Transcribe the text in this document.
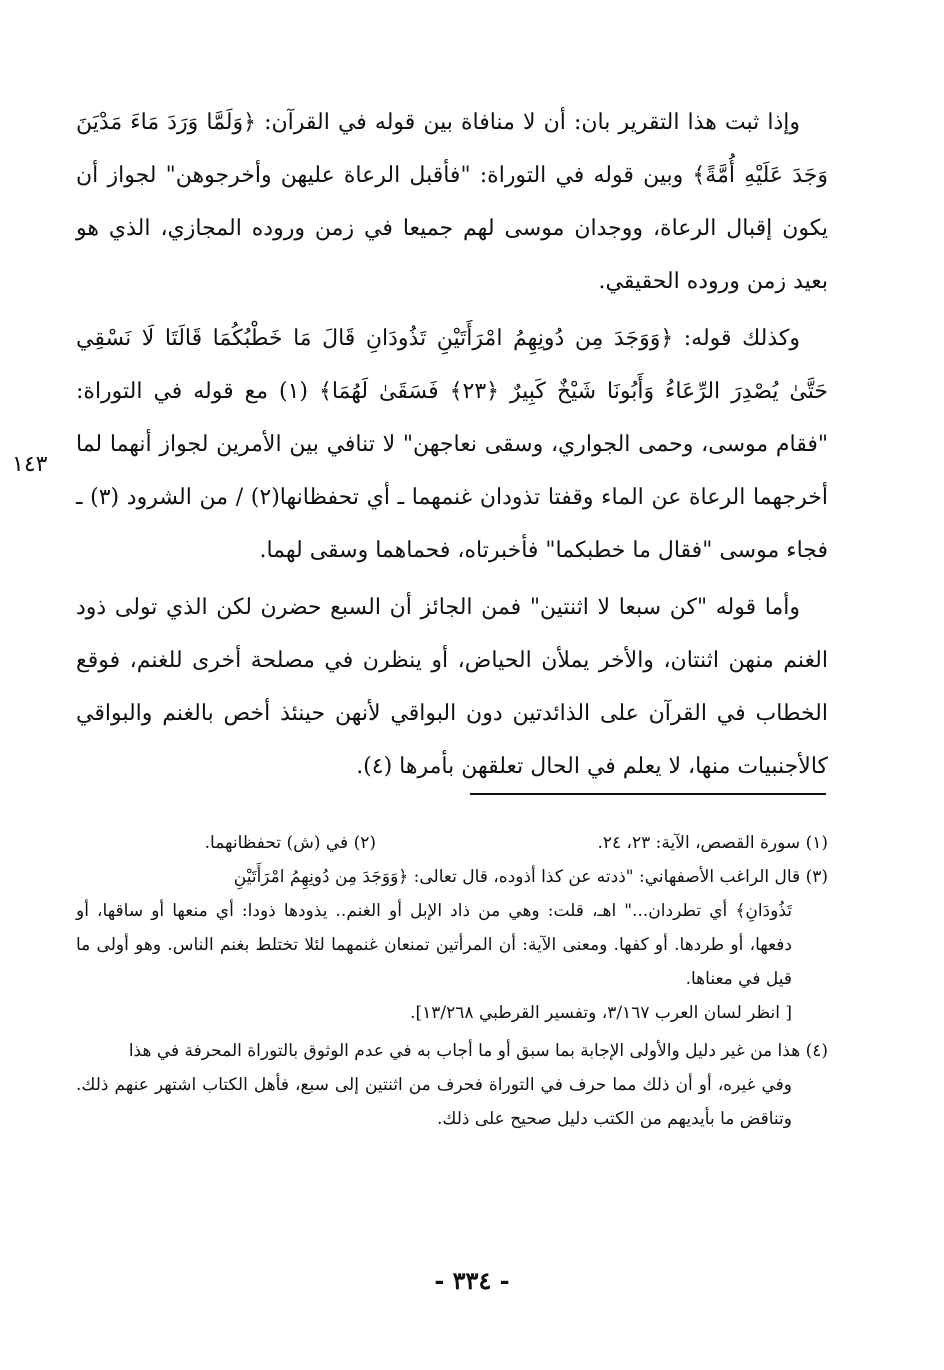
وإذا ثبت هذا التقرير بان: أن لا منافاة بين قوله في القرآن: ﴿وَلَمَّا وَرَدَ مَاءَ مَدْيَنَ وَجَدَ عَلَيْهِ أُمَّةً﴾ وبين قوله في التوراة: "فأقبل الرعاة عليهن وأخرجوهن" لجواز أن يكون إقبال الرعاة، ووجدان موسى لهم جميعا في زمن وروده المجازي، الذي هو بعيد زمن وروده الحقيقي.

وكذلك قوله: ﴿وَوَجَدَ مِن دُونِهِمُ امْرَأَتَيْنِ تَذُودَانِ قَالَ مَا خَطْبُكُمَا قَالَتَا لَا نَسْقِي حَتَّىٰ يُصْدِرَ الرِّعَاءُ وَأَبُونَا شَيْخٌ كَبِيرٌ ﴿٢٣﴾ فَسَقَىٰ لَهُمَا﴾ (١) مع قوله في التوراة: "فقام موسى، وحمى الجواري، وسقى نعاجهن" لا تنافي بين الأمرين لجواز أنهما لما أخرجهما الرعاة عن الماء وقفتا تذودان غنمهما ـ أي تحفظانها(٢) / من الشرود (٣) ـ فجاء موسى "فقال ما خطبكما" فأخبرتاه، فحماهما وسقى لهما.

وأما قوله "كن سبعا لا اثنتين" فمن الجائز أن السبع حضرن لكن الذي تولى ذود الغنم منهن اثنتان، والأخر يملأن الحياض، أو ينظرن في مصلحة أخرى للغنم، فوقع الخطاب في القرآن على الذائدتين دون البواقي لأنهن حينئذ أخص بالغنم والبواقي كالأجنبيات منها، لا يعلم في الحال تعلقهن بأمرها (٤).

١٤٣
(١) سورة القصص، الآية: ٢٣، ٢٤.
(٢) في (ش) تحفظانهما.

(٣) قال الراغب الأصفهاني: "ذدته عن كذا أذوده، قال تعالى: ﴿وَوَجَدَ مِن دُونِهِمُ امْرَأَتَيْنِ

تَذُودَانِ﴾ أي تطردان..." اهـ، قلت: وهي من ذاد الإبل أو الغنم.. يذودها ذودا: أي منعها أو ساقها، أو دفعها، أو طردها. أو كفها. ومعنى الآية: أن المرأتين تمنعان غنمهما لئلا تختلط بغنم الناس. وهو أولى ما قيل في معناها.

[ انظر لسان العرب ٣/١٦٧، وتفسير القرطبي ١٣/٢٦٨].

(٤) هذا من غير دليل والأولى الإجابة بما سبق أو ما أجاب به في عدم الوثوق بالتوراة المحرفة في هذا

وفي غيره، أو أن ذلك مما حرف في التوراة فحرف من اثنتين إلى سبع، فأهل الكتاب اشتهر عنهم ذلك. وتناقض ما بأيديهم من الكتب دليل صحيح على ذلك.

- ٣٣٤ -
